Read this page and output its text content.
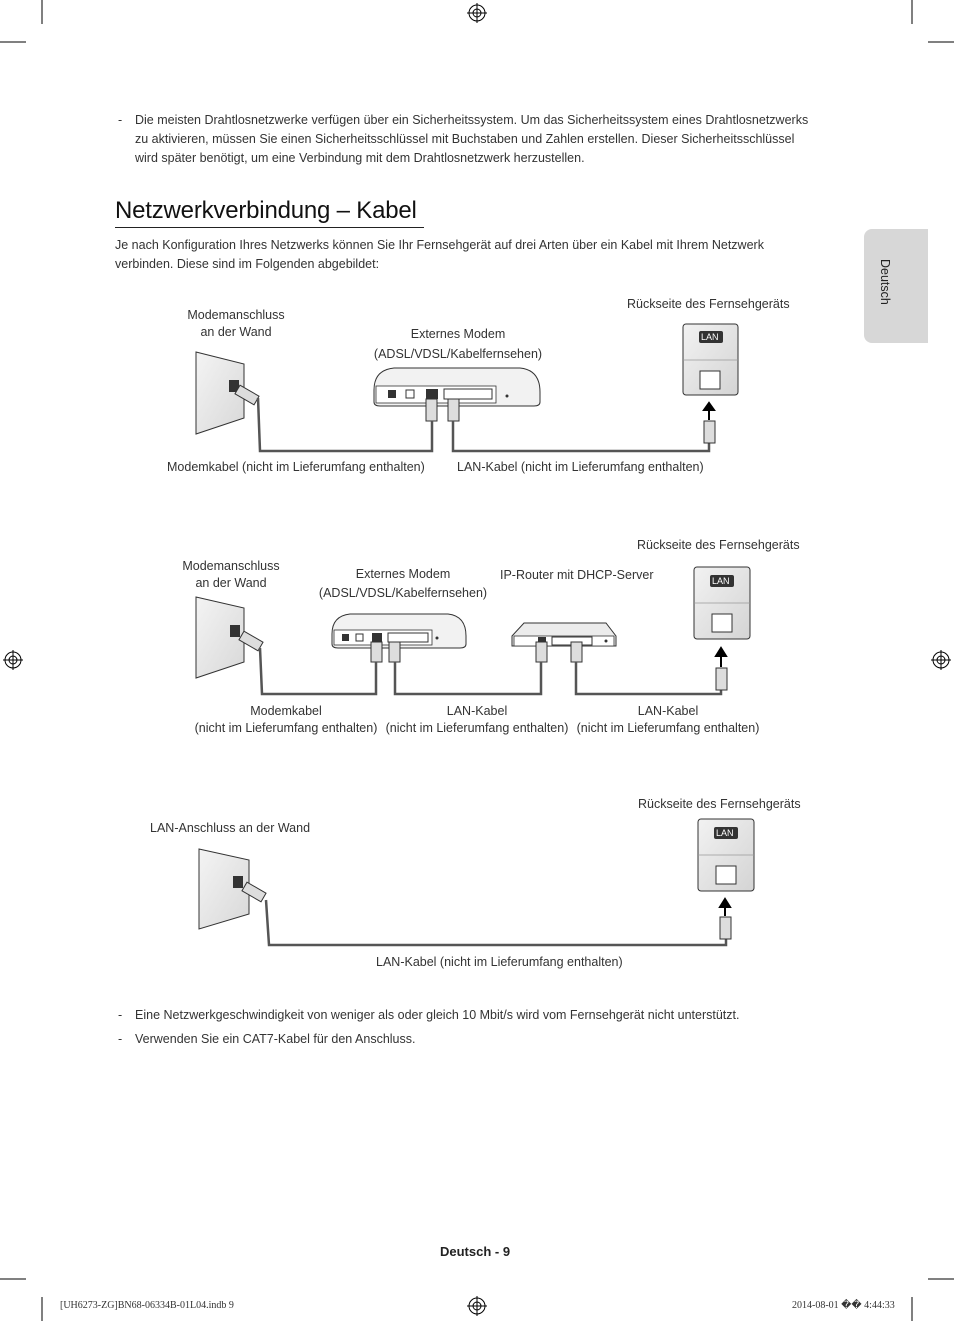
- Die meisten Drahtlosnetzwerke verfügen über ein Sicherheitssystem. Um das Sicherheitssystem eines Drahtlosnetzwerks zu aktivieren, müssen Sie einen Sicherheitsschlüssel mit Buchstaben und Zahlen erstellen. Dieser Sicherheitsschlüssel wird später benötigt, um eine Verbindung mit dem Drahtlosnetzwerk herzustellen.
Netzwerkverbindung – Kabel
Je nach Konfiguration Ihres Netzwerks können Sie Ihr Fernsehgerät auf drei Arten über ein Kabel mit Ihrem Netzwerk verbinden. Diese sind im Folgenden abgebildet:	Deutsch
LAN
LAN
LAN
Modemanschluss
an der Wand	Externes Modem
(ADSL/VDSL/Kabelfernsehen)
Rückseite des Fernsehgeräts
Modemkabel (nicht im Lieferumfang enthalten)	LAN-Kabel (nicht im Lieferumfang enthalten)
Modemanschluss
an der Wand
Externes Modem
(ADSL/VDSL/Kabelfernsehen)
IP-Router mit DHCP-Server
Rückseite des Fernsehgeräts
Modemkabel
(nicht im Lieferumfang enthalten)
LAN-Kabel
(nicht im Lieferumfang enthalten)
LAN-Kabel
(nicht im Lieferumfang enthalten)
LAN-Anschluss an der Wand
Rückseite des Fernsehgeräts
LAN-Kabel (nicht im Lieferumfang enthalten)
- Eine Netzwerkgeschwindigkeit von weniger als oder gleich 10 Mbit/s wird vom Fernsehgerät nicht unterstützt.
- Verwenden Sie ein CAT7-Kabel für den Anschluss.
Deutsch - 9
[UH6273-ZG]BN68-06334B-01L04.indb 9	2014-08-01 �� 4:44:33
